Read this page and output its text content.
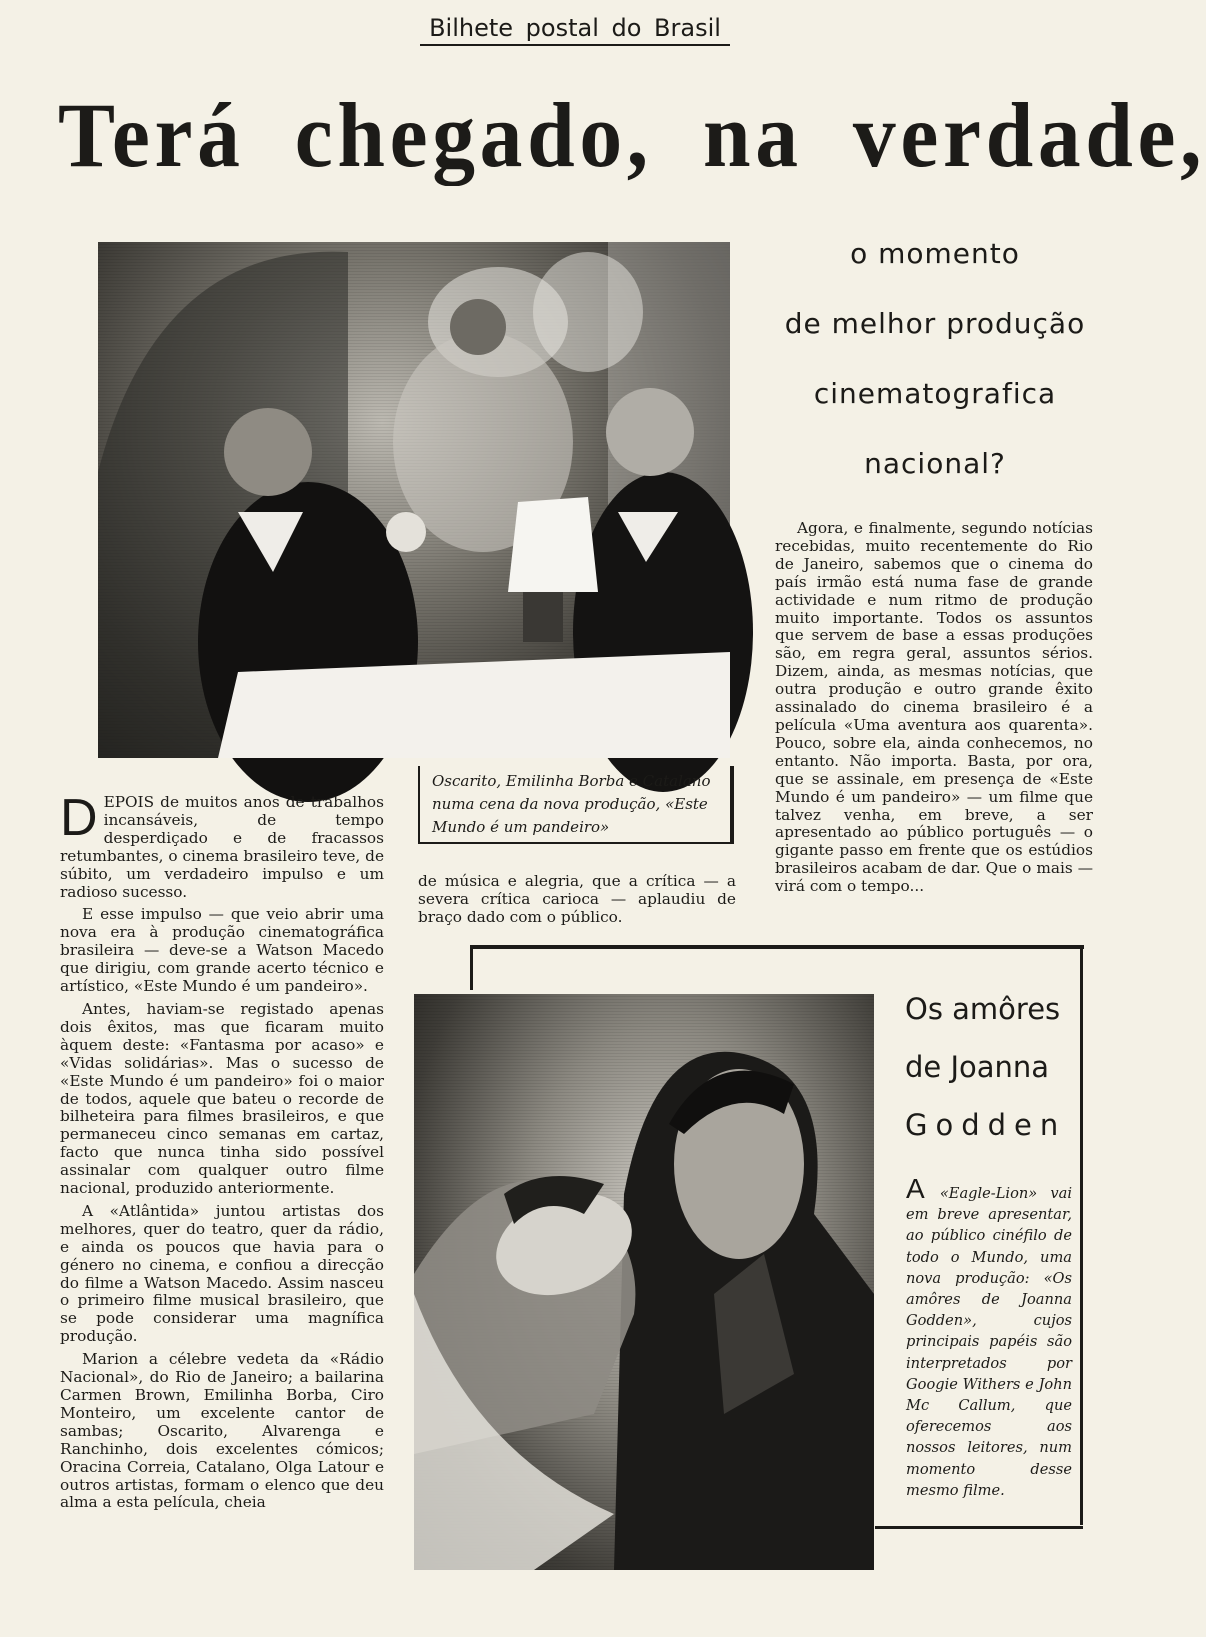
Bilhete postal do Brasil
Terá chegado, na verdade,
o momento
de melhor produção
cinematografica
nacional?
Oscarito, Emilinha Borba e Catalano numa cena da nova produção, «Este Mundo é um pandeiro»

DEPOIS de muitos anos de trabalhos incansáveis, de tempo desperdiçado e de fracassos retumbantes, o cinema brasileiro teve, de súbito, um verdadeiro impulso e um radioso sucesso.

E esse impulso — que veio abrir uma nova era à produção cinematográfica brasileira — deve-se a Watson Macedo que dirigiu, com grande acerto técnico e artístico, «Este Mundo é um pandeiro».

Antes, haviam-se registado apenas dois êxitos, mas que ficaram muito àquem deste: «Fantasma por acaso» e «Vidas solidárias». Mas o sucesso de «Este Mundo é um pandeiro» foi o maior de todos, aquele que bateu o recorde de bilheteira para filmes brasileiros, e que permaneceu cinco semanas em cartaz, facto que nunca tinha sido possível assinalar com qualquer outro filme nacional, produzido anteriormente.

A «Atlântida» juntou artistas dos melhores, quer do teatro, quer da rádio, e ainda os poucos que havia para o género no cinema, e confiou a direcção do filme a Watson Macedo. Assim nasceu o primeiro filme musical brasileiro, que se pode considerar uma magnífica produção.

Marion a célebre vedeta da «Rádio Nacional», do Rio de Janeiro; a bailarina Carmen Brown, Emilinha Borba, Ciro Monteiro, um excelente cantor de sambas; Oscarito, Alvarenga e Ranchinho, dois excelentes cómicos; Oracina Correia, Catalano, Olga Latour e outros artistas, formam o elenco que deu alma a esta película, cheia

de música e alegria, que a crítica — a severa crítica carioca — aplaudiu de braço dado com o público.

Agora, e finalmente, segundo notícias recebidas, muito recentemente do Rio de Janeiro, sabemos que o cinema do país irmão está numa fase de grande actividade e num ritmo de produção muito importante. Todos os assuntos que servem de base a essas produções são, em regra geral, assuntos sérios. Dizem, ainda, as mesmas notícias, que outra produção e outro grande êxito assinalado do cinema brasileiro é a película «Uma aventura aos quarenta». Pouco, sobre ela, ainda conhecemos, no entanto. Não importa. Basta, por ora, que se assinale, em presença de «Este Mundo é um pandeiro» — um filme que talvez venha, em breve, a ser apresentado ao público português — o gigante passo em frente que os estúdios brasileiros acabam de dar. Que o mais — virá com o tempo...

Os amôres
de Joanna
Godden
A «Eagle-Lion» vai em breve apresentar, ao público cinéfilo de todo o Mundo, uma nova produção: «Os amôres de Joanna Godden», cujos principais papéis são interpretados por Googie Withers e John Mc Callum, que oferecemos aos nossos leitores, num momento desse mesmo filme.
